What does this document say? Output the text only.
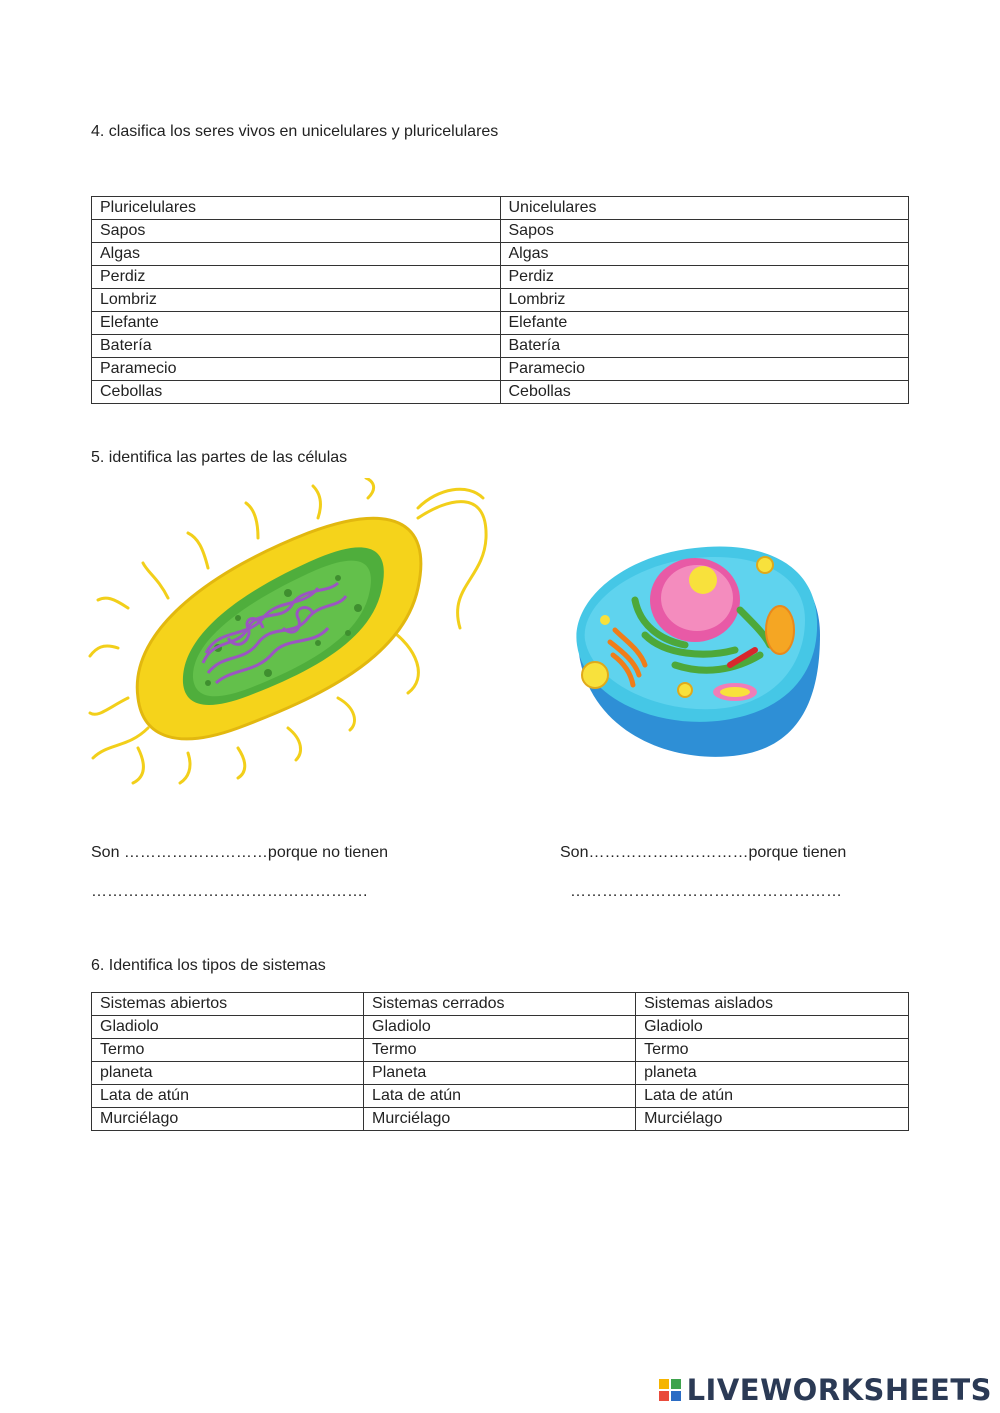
4. clasifica los seres vivos en unicelulares y pluricelulares
Pluricelulares	Unicelulares
Sapos	Sapos
Algas	Algas
Perdiz	Perdiz
Lombriz	Lombriz
Elefante	Elefante
Batería	Batería
Paramecio	Paramecio
Cebollas	Cebollas
5. identifica las partes de las células
Son ………………………porque no tienen
…………………………………………….
Son…………………………porque tienen
……………………………………………
6. Identifica los tipos de sistemas
Sistemas abiertos	Sistemas cerrados	Sistemas aislados
Gladiolo	Gladiolo	Gladiolo
Termo	Termo	Termo
planeta	Planeta	planeta
Lata de atún	Lata de atún	Lata de atún
Murciélago	Murciélago	Murciélago
LIVEWORKSHEETS
